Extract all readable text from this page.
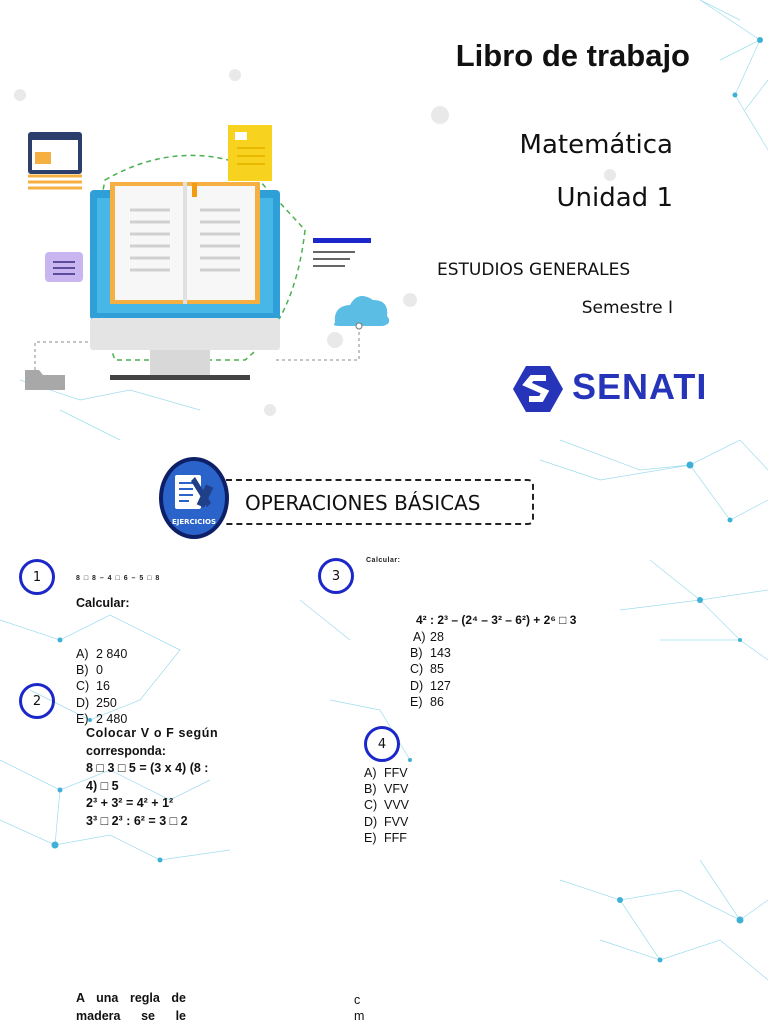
Libro de trabajo
Matemática
Unidad 1
ESTUDIOS GENERALES
Semestre I
SENATI
EJERCICIOS
OPERACIONES BÁSICAS
1	8 □ 8 – 4 □ 6 – 5 □ 8
Calcular:
A) 2 840
B) 0
C) 16
D) 250
E) 2 480
2
Colocar V o F según
corresponda:
8 □ 3 □ 5 = (3 x 4) (8 :
4) □ 5
2³ + 3² = 4² + 1²
3³ □ 2³ : 6² = 3 □ 2
3
Calcular:
4² : 2³ – (2⁴ – 3² – 6²) + 2⁶ □ 3
A) 28
B) 143
C) 85
D) 127
E) 86
4
A) FFV
B) VFV
C) VVV
D) FVV
E) FFF
A una regla de
madera se le
c
m
